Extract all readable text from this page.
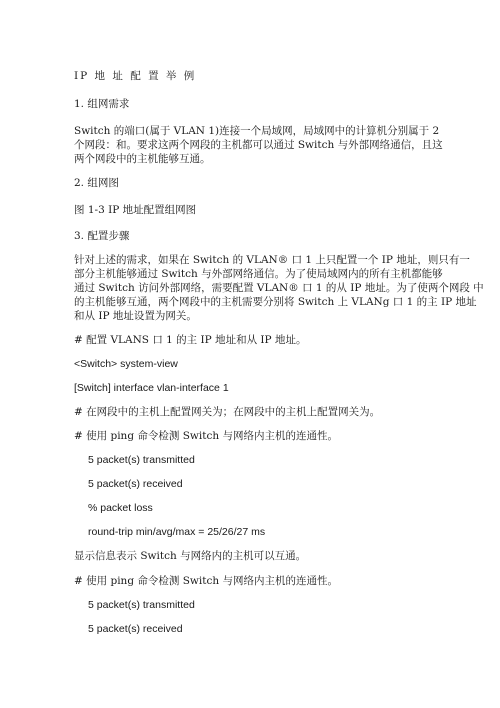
IP 地 址 配 置 举 例
1. 组网需求
Switch 的端口(属于 VLAN 1)连接一个局域网，局域网中的计算机分别属于 2
个网段：和。要求这两个网段的主机都可以通过 Switch 与外部网络通信，且这
两个网段中的主机能够互通。
2. 组网图
图 1-3 IP 地址配置组网图
3. 配置步骤
针对上述的需求，如果在 Switch 的 VLAN® 口 1 上只配置一个 IP 地址，则只有一
部分主机能够通过 Switch 与外部网络通信。为了使局域网内的所有主机都能够
通过 Switch 访问外部网络，需要配置 VLAN® 口 1 的从 IP 地址。为了使两个网段 中
的主机能够互通，两个网段中的主机需要分别将 Switch 上 VLANg 口 1 的主 IP 地址
和从 IP 地址设置为网关。
# 配置 VLANS 口 1 的主 IP 地址和从 IP 地址。
<Switch> system-view
[Switch] interface vlan-interface 1
# 在网段中的主机上配置网关为；在网段中的主机上配置网关为。
# 使用 ping 命令检测 Switch 与网络内主机的连通性。
5 packet(s) transmitted
5 packet(s) received
% packet loss
round-trip min/avg/max = 25/26/27 ms
显示信息表示 Switch 与网络内的主机可以互通。
# 使用 ping 命令检测 Switch 与网络内主机的连通性。
5 packet(s) transmitted
5 packet(s) received
